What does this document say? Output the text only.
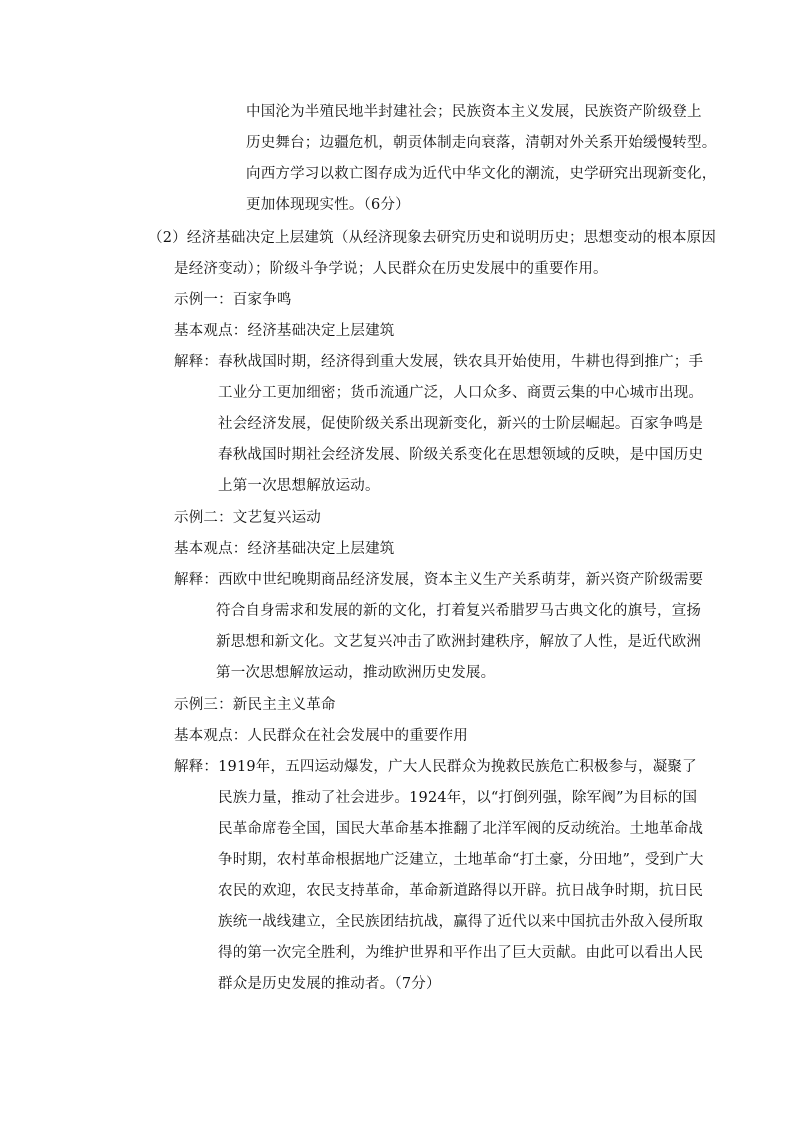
中国沦为半殖民地半封建社会；民族资本主义发展，民族资产阶级登上
历史舞台；边疆危机，朝贡体制走向衰落，清朝对外关系开始缓慢转型。
向西方学习以救亡图存成为近代中华文化的潮流，史学研究出现新变化，
更加体现现实性。（6分）
（2）经济基础决定上层建筑（从经济现象去研究历史和说明历史；思想变动的根本原因
是经济变动）；阶级斗争学说；人民群众在历史发展中的重要作用。
示例一：百家争鸣
基本观点：经济基础决定上层建筑
解释：春秋战国时期，经济得到重大发展，铁农具开始使用，牛耕也得到推广；手
工业分工更加细密；货币流通广泛，人口众多、商贾云集的中心城市出现。
社会经济发展，促使阶级关系出现新变化，新兴的士阶层崛起。百家争鸣是
春秋战国时期社会经济发展、阶级关系变化在思想领域的反映，是中国历史
上第一次思想解放运动。
示例二：文艺复兴运动
基本观点：经济基础决定上层建筑
解释：西欧中世纪晚期商品经济发展，资本主义生产关系萌芽，新兴资产阶级需要
符合自身需求和发展的新的文化，打着复兴希腊罗马古典文化的旗号，宣扬
新思想和新文化。文艺复兴冲击了欧洲封建秩序，解放了人性，是近代欧洲
第一次思想解放运动，推动欧洲历史发展。
示例三：新民主主义革命
基本观点：人民群众在社会发展中的重要作用
解释：1919年，五四运动爆发，广大人民群众为挽救民族危亡积极参与，凝聚了
民族力量，推动了社会进步。1924年，以“打倒列强，除军阀”为目标的国
民革命席卷全国，国民大革命基本推翻了北洋军阀的反动统治。土地革命战
争时期，农村革命根据地广泛建立，土地革命“打土豪，分田地”，受到广大
农民的欢迎，农民支持革命，革命新道路得以开辟。抗日战争时期，抗日民
族统一战线建立，全民族团结抗战，赢得了近代以来中国抗击外敌入侵所取
得的第一次完全胜利，为维护世界和平作出了巨大贡献。由此可以看出人民
群众是历史发展的推动者。（7分）
